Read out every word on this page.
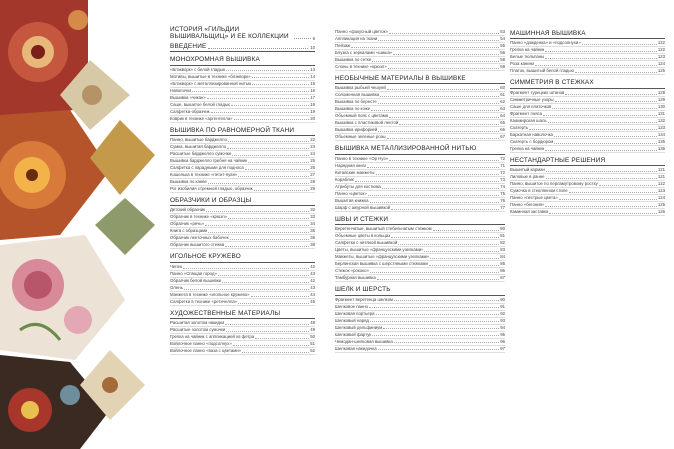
ИСТОРИЯ «ГИЛЬДИИ ВЫШИВАЛЬЩИЦ» И ЕЕ КОЛЛЕКЦИИ	6
ВВЕДЕНИЕ	10
МОНОХРОМНАЯ ВЫШИВКА
«Блэкворк» с белой гладью	13
Мотивы, вышитые в технике «блэкворк»	14
«Блэкворк» с металлизированной нитью	15
Наволочка	16
Вышивка «чикан»	17
Саше, вышитое белой гладью	18
Салфетка-образчик	19
Коврик в технике «аргентелла»	20
ВЫШИВКА ПО РАВНОМЕРНОЙ ТКАНИ
Панно, вышитые барджелло	22
Сумка, вышитая барджелло	23
Расшитые барджелло сумочки	24
Вышивка барджелло гребня на чайник	25
Салфетка с парадными для подноса	26
Кошелька в технике «петит-пуан»	27
Вышивка по канве	28
Рог изобилия стремной гладью, образчик	29
ОБРАЗЧИКИ И ОБРАЗЦЫ
Детский образчик	32
Образчик в технике «крюэл»	33
Образчик «речь»	34
Книга с образцами	35
Образчик ленточных бабочек	36
Образчик вышитого стежка	38
ИГОЛЬНОЕ КРУЖЕВО
Чепец	42
Панно «Спящая город»	43
Образчик белой вышивки	42
Олень	43
Манжета в технике «игольное кружево»	44
Салфетка в технике «ретичелла»	45
ХУДОЖЕСТВЕННЫЕ МАТЕРИАЛЫ
Расшитая золотом накидка	48
Расшитые золотом сумочки	49
Грелка на чайник с аппликацией из фетра	50
Войлочное панно «подсолнух»	51
Войлочное панно «ваза с цветами»	52
Панно «фокусный цветок»	53
Аппликация на ткани	54
Пейзаж	55
Блузка с зеркалами «шиша»	56
Вышивка по сетке	58
Слоны в технике «крюэл»	59
НЕОБЫЧНЫЕ МАТЕРИАЛЫ В ВЫШИВКЕ
Вышивка рыбьей чешуей	60
Соломенная вышивка	61
Вышивка по бересте	62
Вышивка по коже	63
Объемный пояс с цветами	64
Вышивка с пластиковой лентой	65
Вышивка ирифорией	66
Объемные зеленые розы	67
ВЫШИВКА МЕТАЛЛИЗИРОВАННОЙ НИТЬЮ
Панно в технике «Ор Нуэ»	72
Нарядная книга	71
Китайские манжеты	72
Кораблик	73
Атрибуты для костюма	74
Панно «цветок»	75
Вышитая книжка	76
Шарф с ажурной вышивкой	77
ШВЫ И СТЕЖКИ
Веретенчатые, вышитый стебельчатым стежком	80
Объемные цветы в кольцах	81
Салфетки с нитяной вышивкой	82
Цветы, вышитые «французскими узелками»	83
Манжеты, вышитые «французскими узелками»	84
Берлинская вышивка с шерстяными стежками	85
Стежок «рококо»	86
Тамбурная вышивка	87
ШЕЛК И ШЕРСТЬ
Фрагмент веретенца шелком	90
Шелковое панно	91
Шелковая портьера	92
Шелковый наряд	93
Шелковый дельфиниум	94
Шелковый фартук	95
Чемодан-шелковая вышивка	96
Шелковая накидочка	97
МАШИННАЯ ВЫШИВКА
Панно «дожденка» и «подсолнухи»	122
Грелка на чайник	122
Белые тюльпаны	123
Роза канина	124
Платок, вышитый белой гладью	125
СИММЕТРИЯ В СТЕЖКАХ
Фрагмент турецких штанов	128
Симметричные узоры	129
Саше для платочков	130
Фрагмент пояса	131
Кашмирская шаль	132
Скатерть	133
Бархатная наволочка	134
Скатерть с бордюром	135
Грелка на чайник	136
НЕСТАНДАРТНЫЕ РЕШЕНИЯ
Вышитый карман	121
Лиловые в ранне	121
Панно, вышитое по перламутровому ростку	122
Сумочка в стеклянном стиле	123
Панно «пестрые цвета»	124
Панно «бегония»	125
Каминная заставка	126
